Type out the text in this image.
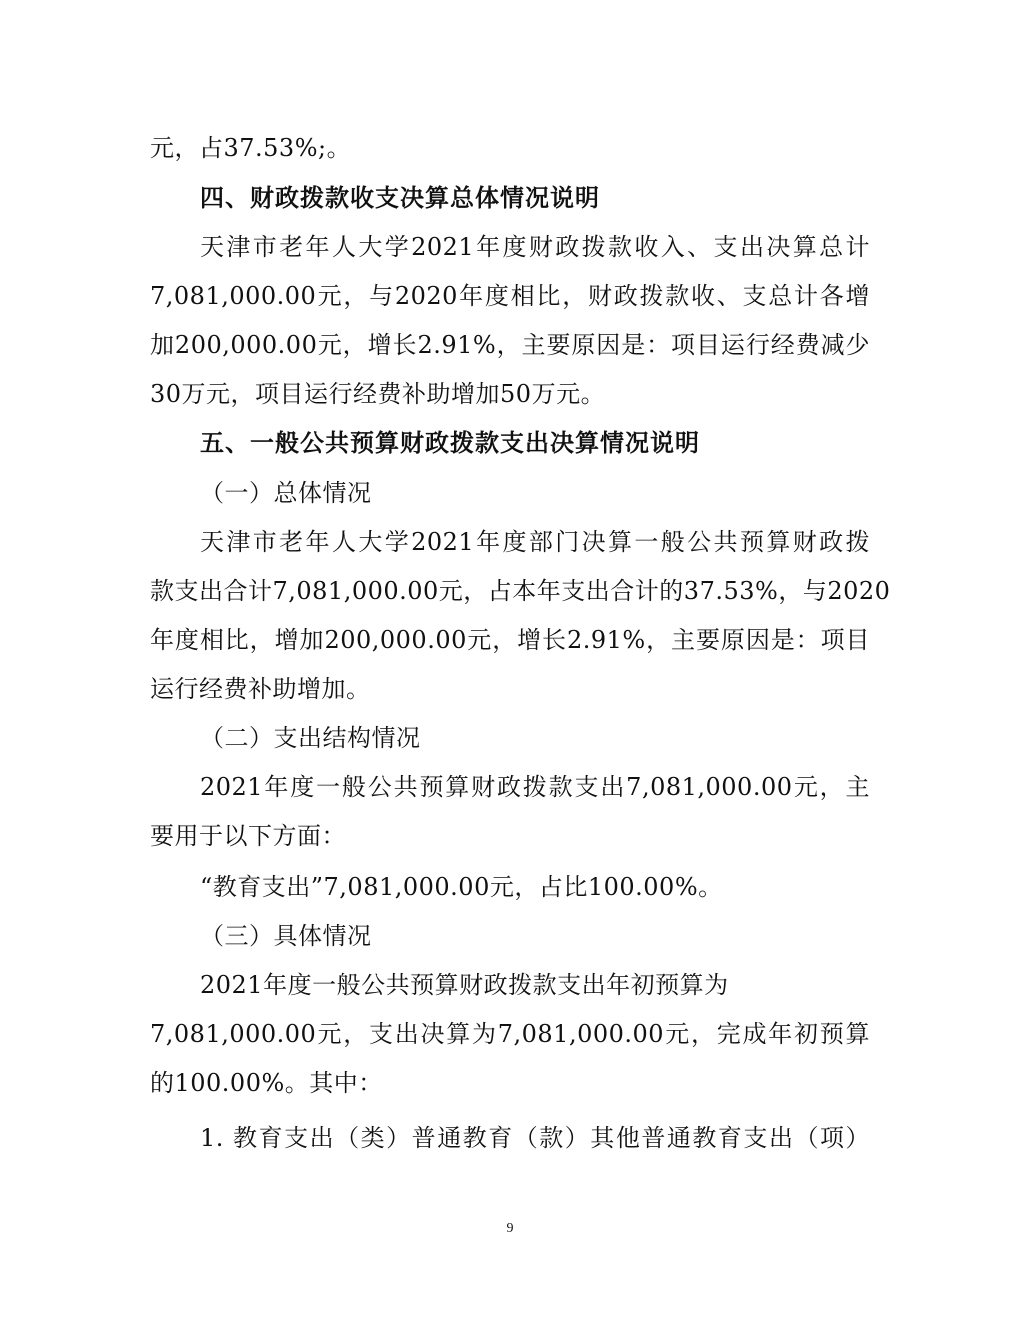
元，占37.53%;。
四、财政拨款收支决算总体情况说明
天津市老年人大学2021年度财政拨款收入、支出决算总计
7,081,000.00元，与2020年度相比，财政拨款收、支总计各增
加200,000.00元，增长2.91%，主要原因是：项目运行经费减少
30万元，项目运行经费补助增加50万元。
五、一般公共预算财政拨款支出决算情况说明
（一）总体情况
天津市老年人大学2021年度部门决算一般公共预算财政拨
款支出合计7,081,000.00元，占本年支出合计的37.53%，与2020
年度相比，增加200,000.00元，增长2.91%，主要原因是：项目
运行经费补助增加。
（二）支出结构情况
2021年度一般公共预算财政拨款支出7,081,000.00元，主
要用于以下方面：
“教育支出”7,081,000.00元，占比100.00%。
（三）具体情况
2021年度一般公共预算财政拨款支出年初预算为
7,081,000.00元，支出决算为7,081,000.00元，完成年初预算
的100.00%。其中：
1. 教育支出（类）普通教育（款）其他普通教育支出（项）
9
